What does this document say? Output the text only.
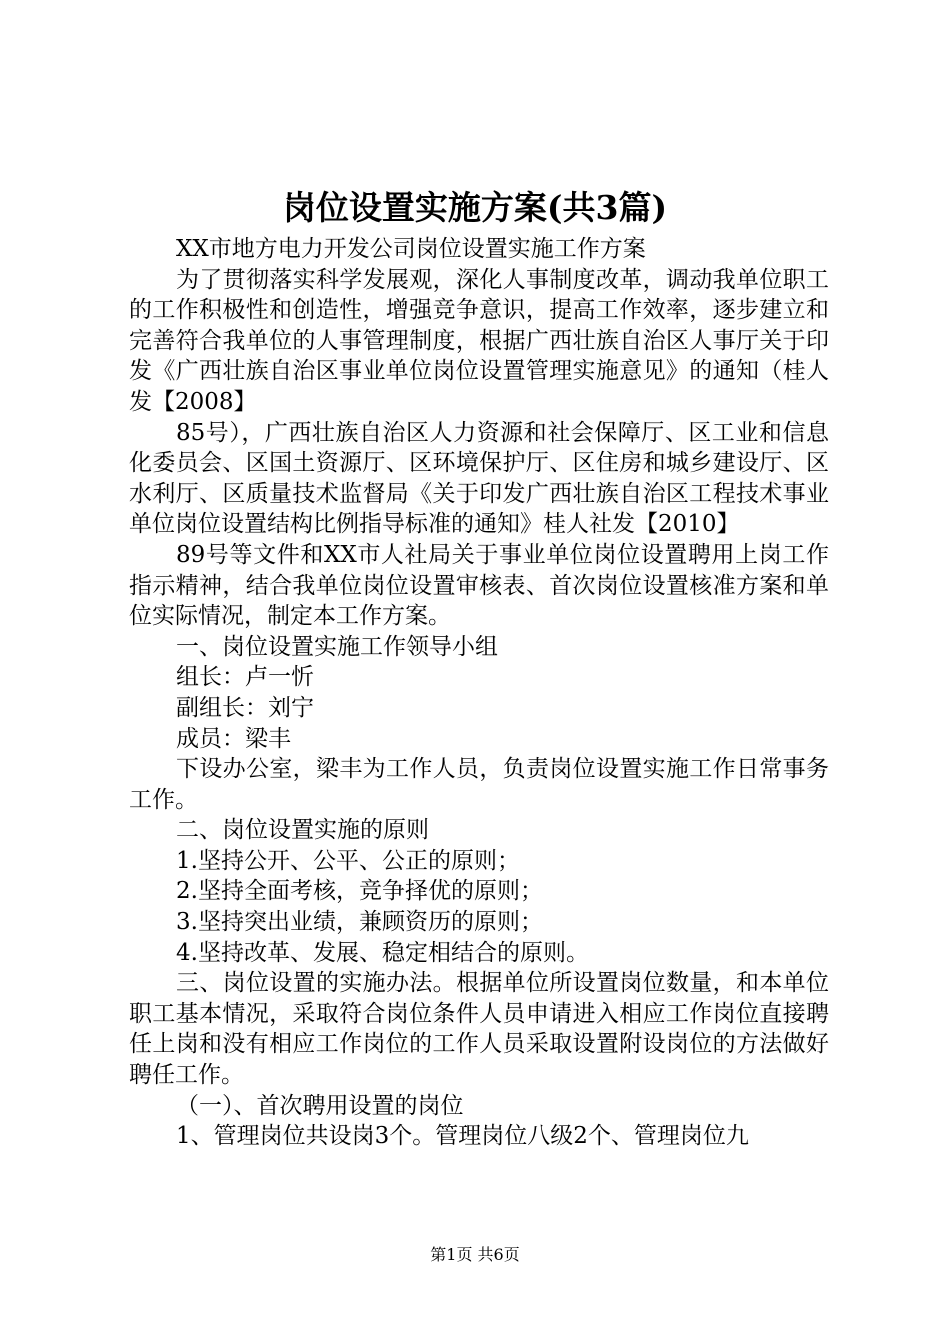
岗位设置实施方案(共3篇)

XX市地方电力开发公司岗位设置实施工作方案

为了贯彻落实科学发展观，深化人事制度改革，调动我单位职工的工作积极性和创造性，增强竞争意识，提高工作效率，逐步建立和完善符合我单位的人事管理制度，根据广西壮族自治区人事厅关于印发《广西壮族自治区事业单位岗位设置管理实施意见》的通知（桂人发【2008】

85号），广西壮族自治区人力资源和社会保障厅、区工业和信息化委员会、区国土资源厅、区环境保护厅、区住房和城乡建设厅、区水利厅、区质量技术监督局《关于印发广西壮族自治区工程技术事业单位岗位设置结构比例指导标准的通知》桂人社发【2010】

89号等文件和XX市人社局关于事业单位岗位设置聘用上岗工作指示精神，结合我单位岗位设置审核表、首次岗位设置核准方案和单位实际情况，制定本工作方案。

一、岗位设置实施工作领导小组

组长：卢一忻

副组长：刘宁

成员：梁丰

下设办公室，梁丰为工作人员，负责岗位设置实施工作日常事务工作。

二、岗位设置实施的原则

1.坚持公开、公平、公正的原则；

2.坚持全面考核，竞争择优的原则；

3.坚持突出业绩，兼顾资历的原则；

4.坚持改革、发展、稳定相结合的原则。

三、岗位设置的实施办法。根据单位所设置岗位数量，和本单位职工基本情况，采取符合岗位条件人员申请进入相应工作岗位直接聘任上岗和没有相应工作岗位的工作人员采取设置附设岗位的方法做好聘任工作。

（一）、首次聘用设置的岗位

1、管理岗位共设岗3个。管理岗位八级2个、管理岗位九

第1页 共6页
